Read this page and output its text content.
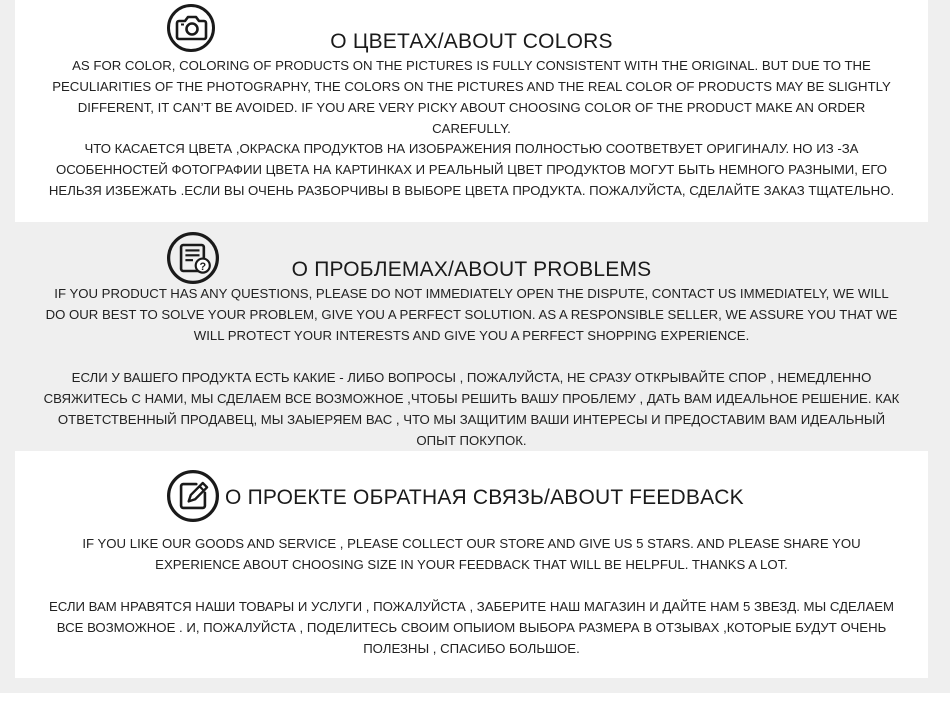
О ЦВЕТАХ/ABOUT COLORS

AS FOR COLOR, COLORING OF PRODUCTS ON THE PICTURES IS FULLY CONSISTENT WITH THE ORIGINAL. BUT DUE TO THE PECULIARITIES OF THE PHOTOGRAPHY, THE COLORS ON THE PICTURES AND THE REAL COLOR OF PRODUCTS MAY BE SLIGHTLY DIFFERENT, IT CAN’T BE AVOIDED. IF YOU ARE VERY PICKY ABOUT CHOOSING COLOR OF THE PRODUCT MAKE AN ORDER CAREFULLY.

ЧТО КАСАЕТСЯ ЦВЕТА ,ОКРАСКА ПРОДУКТОВ НА ИЗОБРАЖЕНИЯ ПОЛНОСТЬЮ СООТВЕТВУЕТ ОРИГИНАЛУ. НО ИЗ -ЗА ОСОБЕННОСТЕЙ ФОТОГРАФИИ ЦВЕТА НА КАРТИНКАХ И РЕАЛЬНЫЙ ЦВЕТ ПРОДУКТОВ МОГУТ БЫТЬ НЕМНОГО РАЗНЫМИ, ЕГО НЕЛЬЗЯ ИЗБЕЖАТЬ .ЕСЛИ ВЫ ОЧЕНЬ РАЗБОРЧИВЫ В ВЫБОРЕ ЦВЕТА ПРОДУКТА. ПОЖАЛУЙСТА, СДЕЛАЙТЕ ЗАКАЗ ТЩАТЕЛЬНО.

?	О ПРОБЛЕМАХ/ABOUT PROBLEMS

IF YOU PRODUCT HAS ANY QUESTIONS, PLEASE DO NOT IMMEDIATELY OPEN THE DISPUTE, CONTACT US IMMEDIATELY, WE WILL DO OUR BEST TO SOLVE YOUR PROBLEM, GIVE YOU A PERFECT SOLUTION. AS A RESPONSIBLE SELLER, WE ASSURE YOU THAT WE WILL PROTECT YOUR INTERESTS AND GIVE YOU A PERFECT SHOPPING EXPERIENCE.

ЕСЛИ У ВАШЕГО ПРОДУКТА ЕСТЬ КАКИЕ - ЛИБО ВОПРОСЫ , ПОЖАЛУЙСТА, НЕ СРАЗУ ОТКРЫВАЙТЕ СПОР , НЕМЕДЛЕННО СВЯЖИТЕСЬ С НАМИ, МЫ СДЕЛАЕМ ВСЕ ВОЗМОЖНОЕ ,ЧТОБЫ РЕШИТЬ ВАШУ ПРОБЛЕМУ , ДАТЬ ВАМ ИДЕАЛЬНОЕ РЕШЕНИЕ. КАК ОТВЕТСТВЕННЫЙ ПРОДАВЕЦ, МЫ ЗАЫЕРЯЕМ ВАС , ЧТО МЫ ЗАЩИТИМ ВАШИ ИНТЕРЕСЫ И ПРЕДОСТАВИМ ВАМ ИДЕАЛЬНЫЙ ОПЫТ ПОКУПОК.

О ПРОЕКТЕ ОБРАТНАЯ СВЯЗЬ/ABOUT FEEDBACK

IF YOU LIKE OUR GOODS AND SERVICE , PLEASE COLLECT OUR STORE AND GIVE US 5 STARS. AND PLEASE SHARE YOU EXPERIENCE ABOUT CHOOSING SIZE IN YOUR FEEDBACK THAT WILL BE HELPFUL. THANKS A LOT.

ЕСЛИ ВАМ НРАВЯТСЯ НАШИ ТОВАРЫ И УСЛУГИ , ПОЖАЛУЙСТА , ЗАБЕРИТЕ НАШ МАГАЗИН И ДАЙТЕ НАМ 5 ЗВЕЗД. МЫ СДЕЛАЕМ ВСЕ ВОЗМОЖНОЕ . И, ПОЖАЛУЙСТА , ПОДЕЛИТЕСЬ СВОИМ ОПЫИОМ ВЫБОРА РАЗМЕРА В ОТЗЫВАХ ,КОТОРЫЕ БУДУТ ОЧЕНЬ ПОЛЕЗНЫ , СПАСИБО БОЛЬШОЕ.
